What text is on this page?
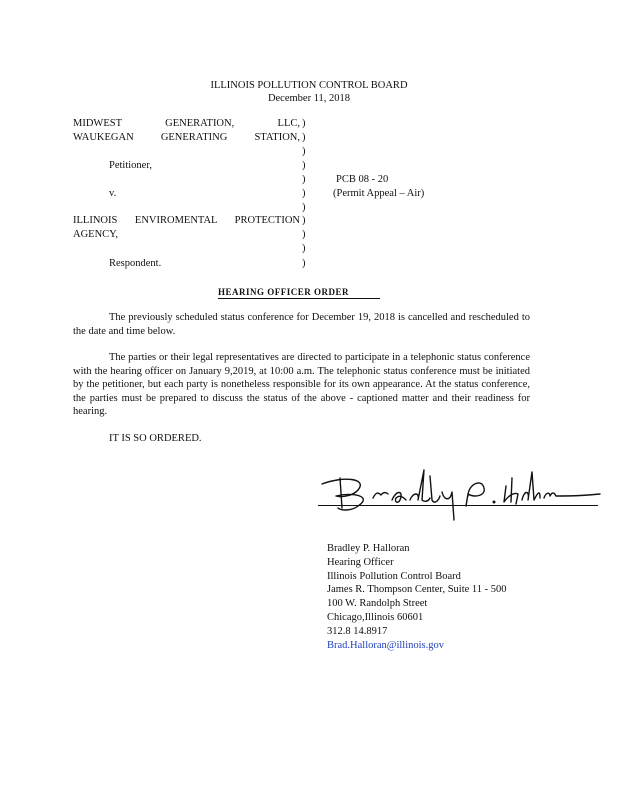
ILLINOIS POLLUTION CONTROL BOARD
December 11, 2018
MIDWEST GENERATION, LLC,
WAUKEGAN GENERATING STATION,
Petitioner,
v.
ILLINOIS ENVIROMENTAL PROTECTION
AGENCY,
Respondent.
)
)
)
)
)
)
)
)
)
)
)
PCB 08 - 20
(Permit Appeal – Air)
HEARING OFFICER ORDER
The previously scheduled status conference for December 19, 2018 is cancelled and rescheduled to the date and time below.
The parties or their legal representatives are directed to participate in a telephonic status conference with the hearing officer on January 9,2019, at 10:00 a.m. The telephonic status conference must be initiated by the petitioner, but each party is nonetheless responsible for its own appearance. At the status conference, the parties must be prepared to discuss the status of the above - captioned matter and their readiness for hearing.
IT IS SO ORDERED.
Bradley P. Halloran
Hearing Officer
Illinois Pollution Control Board
James R. Thompson Center, Suite 11 - 500
100 W. Randolph Street
Chicago,Illinois 60601
312.8 14.8917
Brad.Halloran@illinois.gov
